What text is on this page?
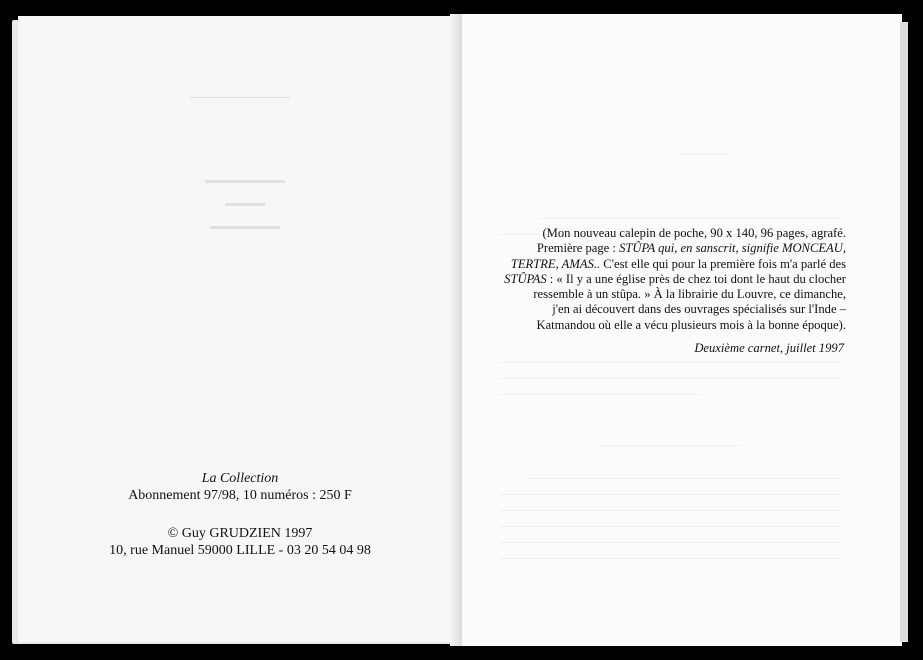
La Collection
Abonnement 97/98, 10 numéros : 250 F
© Guy GRUDZIEN 1997
10, rue Manuel 59000 LILLE - 03 20 54 04 98
(Mon nouveau calepin de poche, 90 x 140, 96 pages, agrafé.
Première page : STÛPA qui, en sanscrit, signifie MONCEAU,
TERTRE, AMAS.. C'est elle qui pour la première fois m'a parlé des
STÛPAS : « Il y a une église près de chez toi dont le haut du clocher
ressemble à un stûpa. » À la librairie du Louvre, ce dimanche,
j'en ai découvert dans des ouvrages spécialisés sur l'Inde –
Katmandou où elle a vécu plusieurs mois à la bonne époque).
Deuxième carnet, juillet 1997
